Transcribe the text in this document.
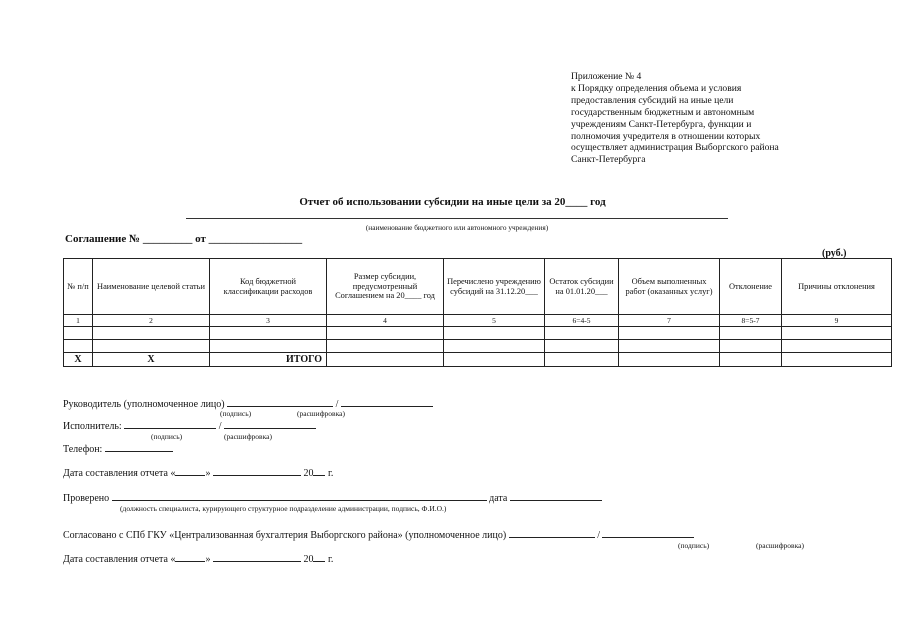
Приложение № 4
к Порядку определения объема и условия
предоставления субсидий на иные цели
государственным бюджетным и автономным
учреждениям Санкт-Петербурга, функции и
полномочия учредителя в отношении которых
осуществляет администрация Выборгского района
Санкт-Петербурга
Отчет об использовании субсидии на иные цели за 20____ год
(наименование бюджетного или автономного учреждения)
Соглашение № _________ от _________________
(руб.)
№ п/п	Наименование целевой статьи	Код бюджетной классификации расходов	Размер субсидии, предусмотренный Соглашением на 20____ год	Перечислено учреждению субсидий на 31.12.20___	Остаток субсидии на 01.01.20___	Объем выполненных работ (оказанных услуг)	Отклонение	Причины отклонения
1	2	3	4	5	6=4-5	7	8=5-7	9

X	X	ИТОГО						
Руководитель (уполномоченное лицо)	/
(подпись)	(расшифровка)
Исполнитель:	/
(подпись)	(расшифровка)
Телефон:
Дата составления отчета «	»	20 г.
Проверено	дата
(должность специалиста, курирующего структурное подразделение администрации, подпись, Ф.И.О.)
Согласовано с СПб ГКУ «Централизованная бухгалтерия Выборгского района» (уполномоченное лицо)	/
(подпись)	(расшифровка)
Дата составления отчета «	»	20 г.
